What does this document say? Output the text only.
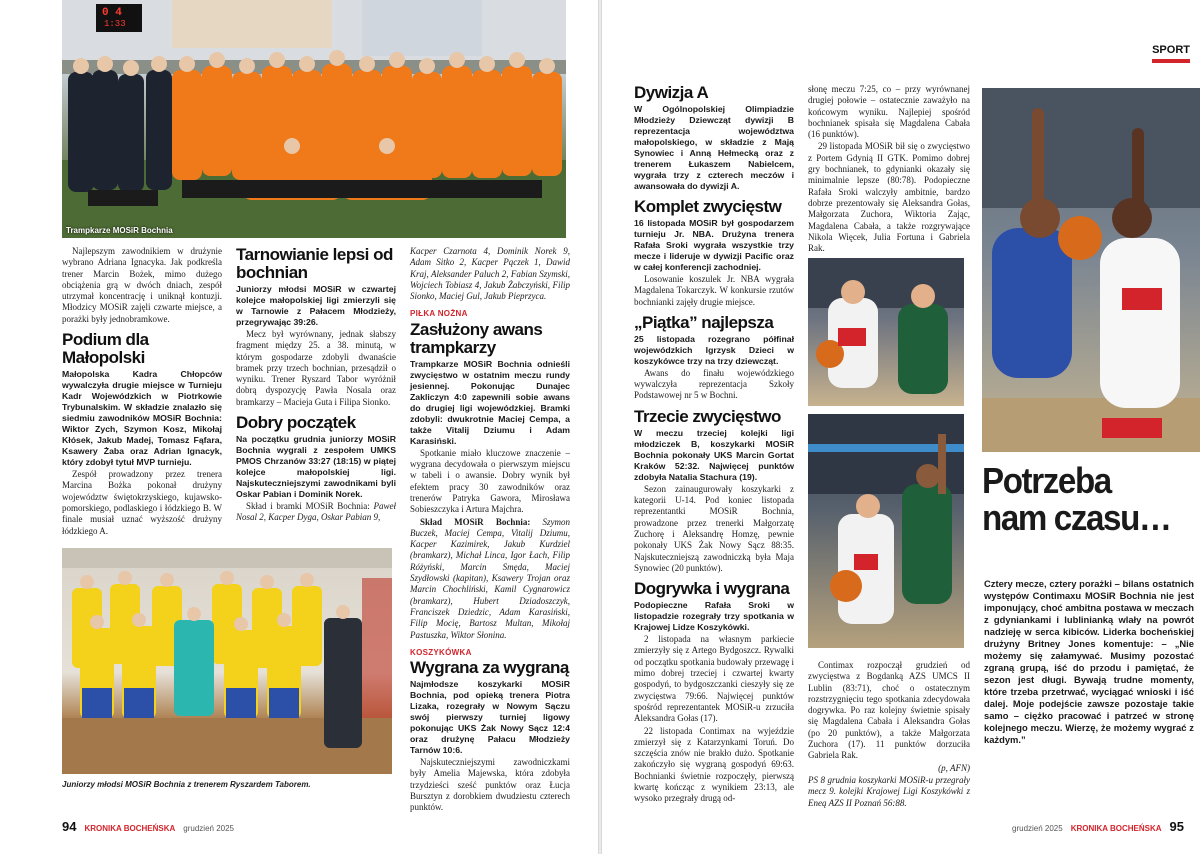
0 4
1:33
Trampkarze MOSiR Bochnia

Najlepszym zawodnikiem w drużynie wybrano Adriana Ignacyka. Jak podkreśla trener Marcin Bożek, mimo dużego obciążenia grą w dwóch dniach, zespół utrzymał koncentrację i uniknął kontuzji. Młodzicy MOSiR zajęli czwarte miejsce, a porażki były jednobramkowe.

Podium dla Małopolski

Małopolska Kadra Chłopców wywalczyła drugie miejsce w Turnieju Kadr Wojewódzkich w Piotrkowie Trybunalskim. W składzie znalazło się siedmiu zawodników MOSiR Bochnia: Wiktor Zych, Szymon Kosz, Mikołaj Kłósek, Jakub Madej, Tomasz Fąfara, Ksawery Żaba oraz Adrian Ignacyk, który zdobył tytuł MVP turnieju.

Zespół prowadzony przez trenera Marcina Bożka pokonał drużyny województw świętokrzyskiego, kujawsko-pomorskiego, podlaskiego i łódzkiego B. W finale musiał uznać wyższość drużyny łódzkiego A.

Tarnowianie lepsi od bochnian

Juniorzy młodsi MOSiR w czwartej kolejce małopolskiej ligi zmierzyli się w Tarnowie z Pałacem Młodzieży, przegrywając 39:26.

Mecz był wyrównany, jednak słabszy fragment między 25. a 38. minutą, w którym gospodarze zdobyli dwanaście bramek przy trzech bochnian, przesądził o wyniku. Trener Ryszard Tabor wyróżnił dobrą dyspozycję Pawła Nosala oraz bramkarzy – Macieja Guta i Filipa Sionko.

Dobry początek

Na początku grudnia juniorzy MOSiR Bochnia wygrali z zespołem UMKS PMOS Chrzanów 33:27 (18:15) w piątej kolejce małopolskiej ligi. Najskuteczniejszymi zawodnikami byli Oskar Pabian i Dominik Norek.

Skład i bramki MOSiR Bochnia: Paweł Nosal 2, Kacper Dyga, Oskar Pabian 9,

Juniorzy młodsi MOSiR Bochnia z trenerem Ryszardem Taborem.

Kacper Czarnota 4, Dominik Norek 9, Adam Sitko 2, Kacper Pączek 1, Dawid Kraj, Aleksander Paluch 2, Fabian Szymski, Wojciech Tobiasz 4, Jakub Żabczyński, Filip Sionko, Maciej Gul, Jakub Pieprzyca.

PIŁKA NOŻNA
Zasłużony awans trampkarzy

Trampkarze MOSiR Bochnia odnieśli zwycięstwo w ostatnim meczu rundy jesiennej. Pokonując Dunajec Zakliczyn 4:0 zapewnili sobie awans do drugiej ligi wojewódzkiej. Bramki zdobyli: dwukrotnie Maciej Cempa, a także Vitalij Dziumu i Adam Karasiński.

Spotkanie miało kluczowe znaczenie – wygrana decydowała o pierwszym miejscu w tabeli i o awansie. Dobry wynik był efektem pracy 30 zawodników oraz trenerów Patryka Gawora, Mirosława Sobieszczyka i Artura Majchra.

Skład MOSiR Bochnia: Szymon Buczek, Maciej Cempa, Vitalij Dziumu, Kacper Kazimirek, Jakub Kurdziel (bramkarz), Michał Linca, Igor Łach, Filip Różyński, Marcin Smęda, Maciej Szydłowski (kapitan), Ksawery Trojan oraz Marcin Chochliński, Kamil Cygnarowicz (bramkarz), Hubert Dziadoszczyk, Franciszek Dziedzic, Adam Karasiński, Filip Mocię, Bartosz Multan, Mikołaj Pastuszka, Wiktor Słonina.

KOSZYKÓWKA
Wygrana za wygraną

Najmłodsze koszykarki MOSiR Bochnia, pod opieką trenera Piotra Lizaka, rozegrały w Nowym Sączu swój pierwszy turniej ligowy pokonując UKS Żak Nowy Sącz 12:4 oraz drużynę Pałacu Młodzieży Tarnów 10:6.

Najskuteczniejszymi zawodniczkami były Amelia Majewska, która zdobyła trzydzieści sześć punktów oraz Łucja Bursztyn z dorobkiem dwudziestu czterech punktów.

94 KRONIKA BOCHEŃSKA grudzień 2025
SPORT
Dywizja A

W Ogólnopolskiej Olimpiadzie Młodzieży Dziewcząt dywizji B reprezentacja województwa małopolskiego, w składzie z Mają Synowiec i Anną Hełmecką oraz z trenerem Łukaszem Nabielcem, wygrała trzy z czterech meczów i awansowała do dywizji A.

Komplet zwycięstw

16 listopada MOSiR był gospodarzem turnieju Jr. NBA. Drużyna trenera Rafała Sroki wygrała wszystkie trzy mecze i lideruje w dywizji Pacific oraz w całej konferencji zachodniej.

Losowanie koszulek Jr. NBA wygrała Magdalena Tokarczyk. W konkursie rzutów bochnianki zajęły drugie miejsce.

„Piątka” najlepsza

25 listopada rozegrano półfinał wojewódzkich Igrzysk Dzieci w koszykówce trzy na trzy dziewcząt.

Awans do finału wojewódzkiego wywalczyła reprezentacja Szkoły Podstawowej nr 5 w Bochni.

Trzecie zwycięstwo

W meczu trzeciej kolejki ligi młodziczek B, koszykarki MOSiR Bochnia pokonały UKS Marcin Gortat Kraków 52:32. Najwięcej punktów zdobyła Natalia Stachura (19).

Sezon zainaugurowały koszykarki z kategorii U-14. Pod koniec listopada reprezentantki MOSiR Bochnia, prowadzone przez trenerki Małgorzatę Zuchorę i Aleksandrę Homzę, pewnie pokonały UKS Żak Nowy Sącz 88:35. Najskuteczniejszą zawodniczką była Maja Synowiec (20 punktów).

Dogrywka i wygrana

Podopieczne Rafała Sroki w listopadzie rozegrały trzy spotkania w Krajowej Lidze Koszykówki.

2 listopada na własnym parkiecie zmierzyły się z Artego Bydgoszcz. Rywalki od początku spotkania budowały przewagę i mimo dobrej trzeciej i czwartej kwarty gospodyń, to bydgoszczanki cieszyły się ze zwycięstwa 79:66. Najwięcej punktów spośród reprezentantek MOSiR-u zrzuciła Aleksandra Gołas (17).

22 listopada Contimax na wyjeździe zmierzył się z Katarzynkami Toruń. Do szczęścia znów nie brakło dużo. Spotkanie zakończyło się wygraną gospodyń 69:63. Bochnianki świetnie rozpoczęły, pierwszą kwartę kończąc z wynikiem 23:13, ale wysoko przegrały drugą od-

słonę meczu 7:25, co – przy wyrównanej drugiej połowie – ostatecznie zaważyło na końcowym wyniku. Najlepiej spośród bochnianek spisała się Magdalena Cabała (16 punktów).

29 listopada MOSiR bił się o zwycięstwo z Portem Gdynią II GTK. Pomimo dobrej gry bochnianek, to gdynianki okazały się minimalnie lepsze (80:78). Podopieczne Rafała Sroki walczyły ambitnie, bardzo dobrze prezentowały się Aleksandra Gołas, Małgorzata Zuchora, Wiktoria Zając, Magdalena Cabała, a także rozgrywające Nikola Więcek, Julia Fortuna i Gabriela Rak.

Contimax rozpoczął grudzień od zwycięstwa z Bogdanką AZS UMCS II Lublin (83:71), choć o ostatecznym rozstrzygnięciu tego spotkania zdecydowała dogrywka. Po raz kolejny świetnie spisały się Magdalena Cabała i Aleksandra Gołas (po 20 punktów), a także Małgorzata Zuchora (17). 11 punktów dorzuciła Gabriela Rak.

(p, AFN)

PS 8 grudnia koszykarki MOSiR-u przegrały mecz 9. kolejki Krajowej Ligi Koszykówki z Eneą AZS II Poznań 56:88.

Potrzeba nam czasu…

Cztery mecze, cztery porażki – bilans ostatnich występów Contimaxu MOSiR Bochnia nie jest imponujący, choć ambitna postawa w meczach z gdyniankami i lublinianką wlały na powrót nadzieję w serca kibiców. Liderka bocheńskiej drużyny Britney Jones komentuje: – „Nie możemy się załamywać. Musimy pozostać zgraną grupą, iść do przodu i pamiętać, że sezon jest długi. Bywają trudne momenty, które trzeba przetrwać, wyciągać wnioski i iść dalej. Moje podejście zawsze pozostaje takie samo – ciężko pracować i patrzeć w stronę kolejnego meczu. Wierzę, że możemy wygrać z każdym.”

grudzień 2025 KRONIKA BOCHEŃSKA 95
